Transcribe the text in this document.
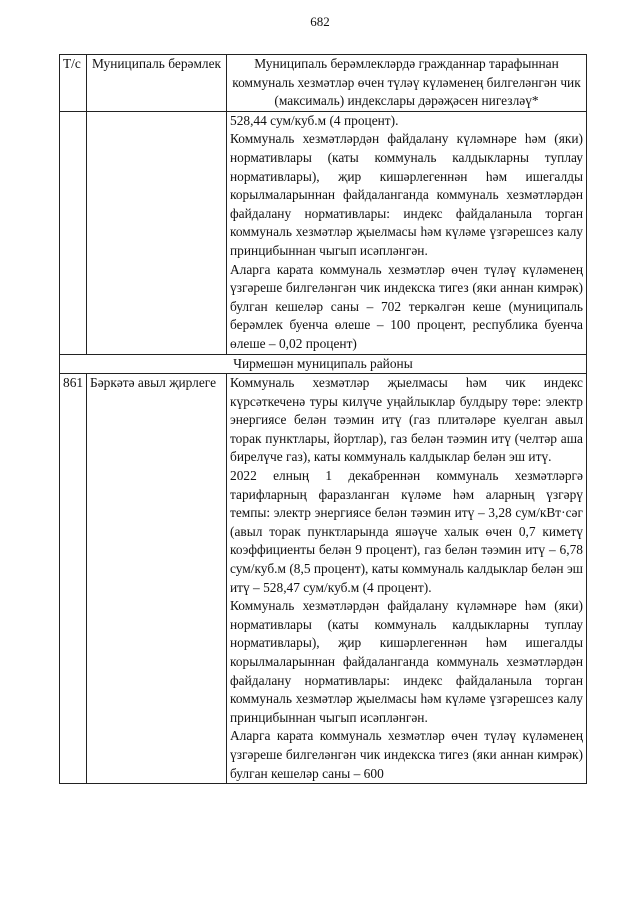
682
Т/с	Муниципаль берәмлек	Муниципаль берәмлекләрдә гражданнар тарафыннан коммуналь хезмәтләр өчен түләү күләменең билгеләнгән чик (максималь) индекслары дәрәҗәсен нигезләү*

		528,44 сум/куб.м (4 процент).

Коммуналь хезмәтләрдән файдалану күләмнәре һәм (яки) нормативлары (каты коммуналь калдыкларны туплау нормативлары), җир кишәрлегеннән һәм ишегалды корылмаларыннан файдаланганда коммуналь хезмәтләрдән файдалану нормативлары: индекс файдаланыла торган коммуналь хезмәтләр җыелмасы һәм күләме үзгәрешсез калу принцибыннан чыгып исәпләнгән.

Аларга карата коммуналь хезмәтләр өчен түләү күләменең үзгәреше билгеләнгән чик индекска тигез (яки аннан кимрәк) булган кешеләр саны – 702 теркәлгән кеше (муниципаль берәмлек буенча өлеше – 100 процент, республика буенча өлеше – 0,02 процент)

Чирмешән муниципаль районы		
861	Бәркәтә авыл җирлеге	Коммуналь хезмәтләр җыелмасы һәм чик индекс күрсәткеченә туры килүче уңайлыклар булдыру төре: электр энергиясе белән тәэмин итү (газ плитәләре куелган авыл торак пунктлары, йортлар), газ белән тәэмин итү (челтәр аша бирелүче газ), каты коммуналь калдыклар белән эш итү.

2022 елның 1 декабреннән коммуналь хезмәтләргә тарифларның фаразланган күләме һәм аларның үзгәрү темпы: электр энергиясе белән тәэмин итү – 3,28 сум/кВт·сәг (авыл торак пунктларында яшәүче халык өчен 0,7 киметү коэффициенты белән 9 процент), газ белән тәэмин итү – 6,78 сум/куб.м (8,5 процент), каты коммуналь калдыклар белән эш итү – 528,47 сум/куб.м (4 процент).

Коммуналь хезмәтләрдән файдалану күләмнәре һәм (яки) нормативлары (каты коммуналь калдыкларны туплау нормативлары), җир кишәрлегеннән һәм ишегалды корылмаларыннан файдаланганда коммуналь хезмәтләрдән файдалану нормативлары: индекс файдаланыла торган коммуналь хезмәтләр җыелмасы һәм күләме үзгәрешсез калу принцибыннан чыгып исәпләнгән.

Аларга карата коммуналь хезмәтләр өчен түләү күләменең үзгәреше билгеләнгән чик индекска тигез (яки аннан кимрәк) булган кешеләр саны – 600
